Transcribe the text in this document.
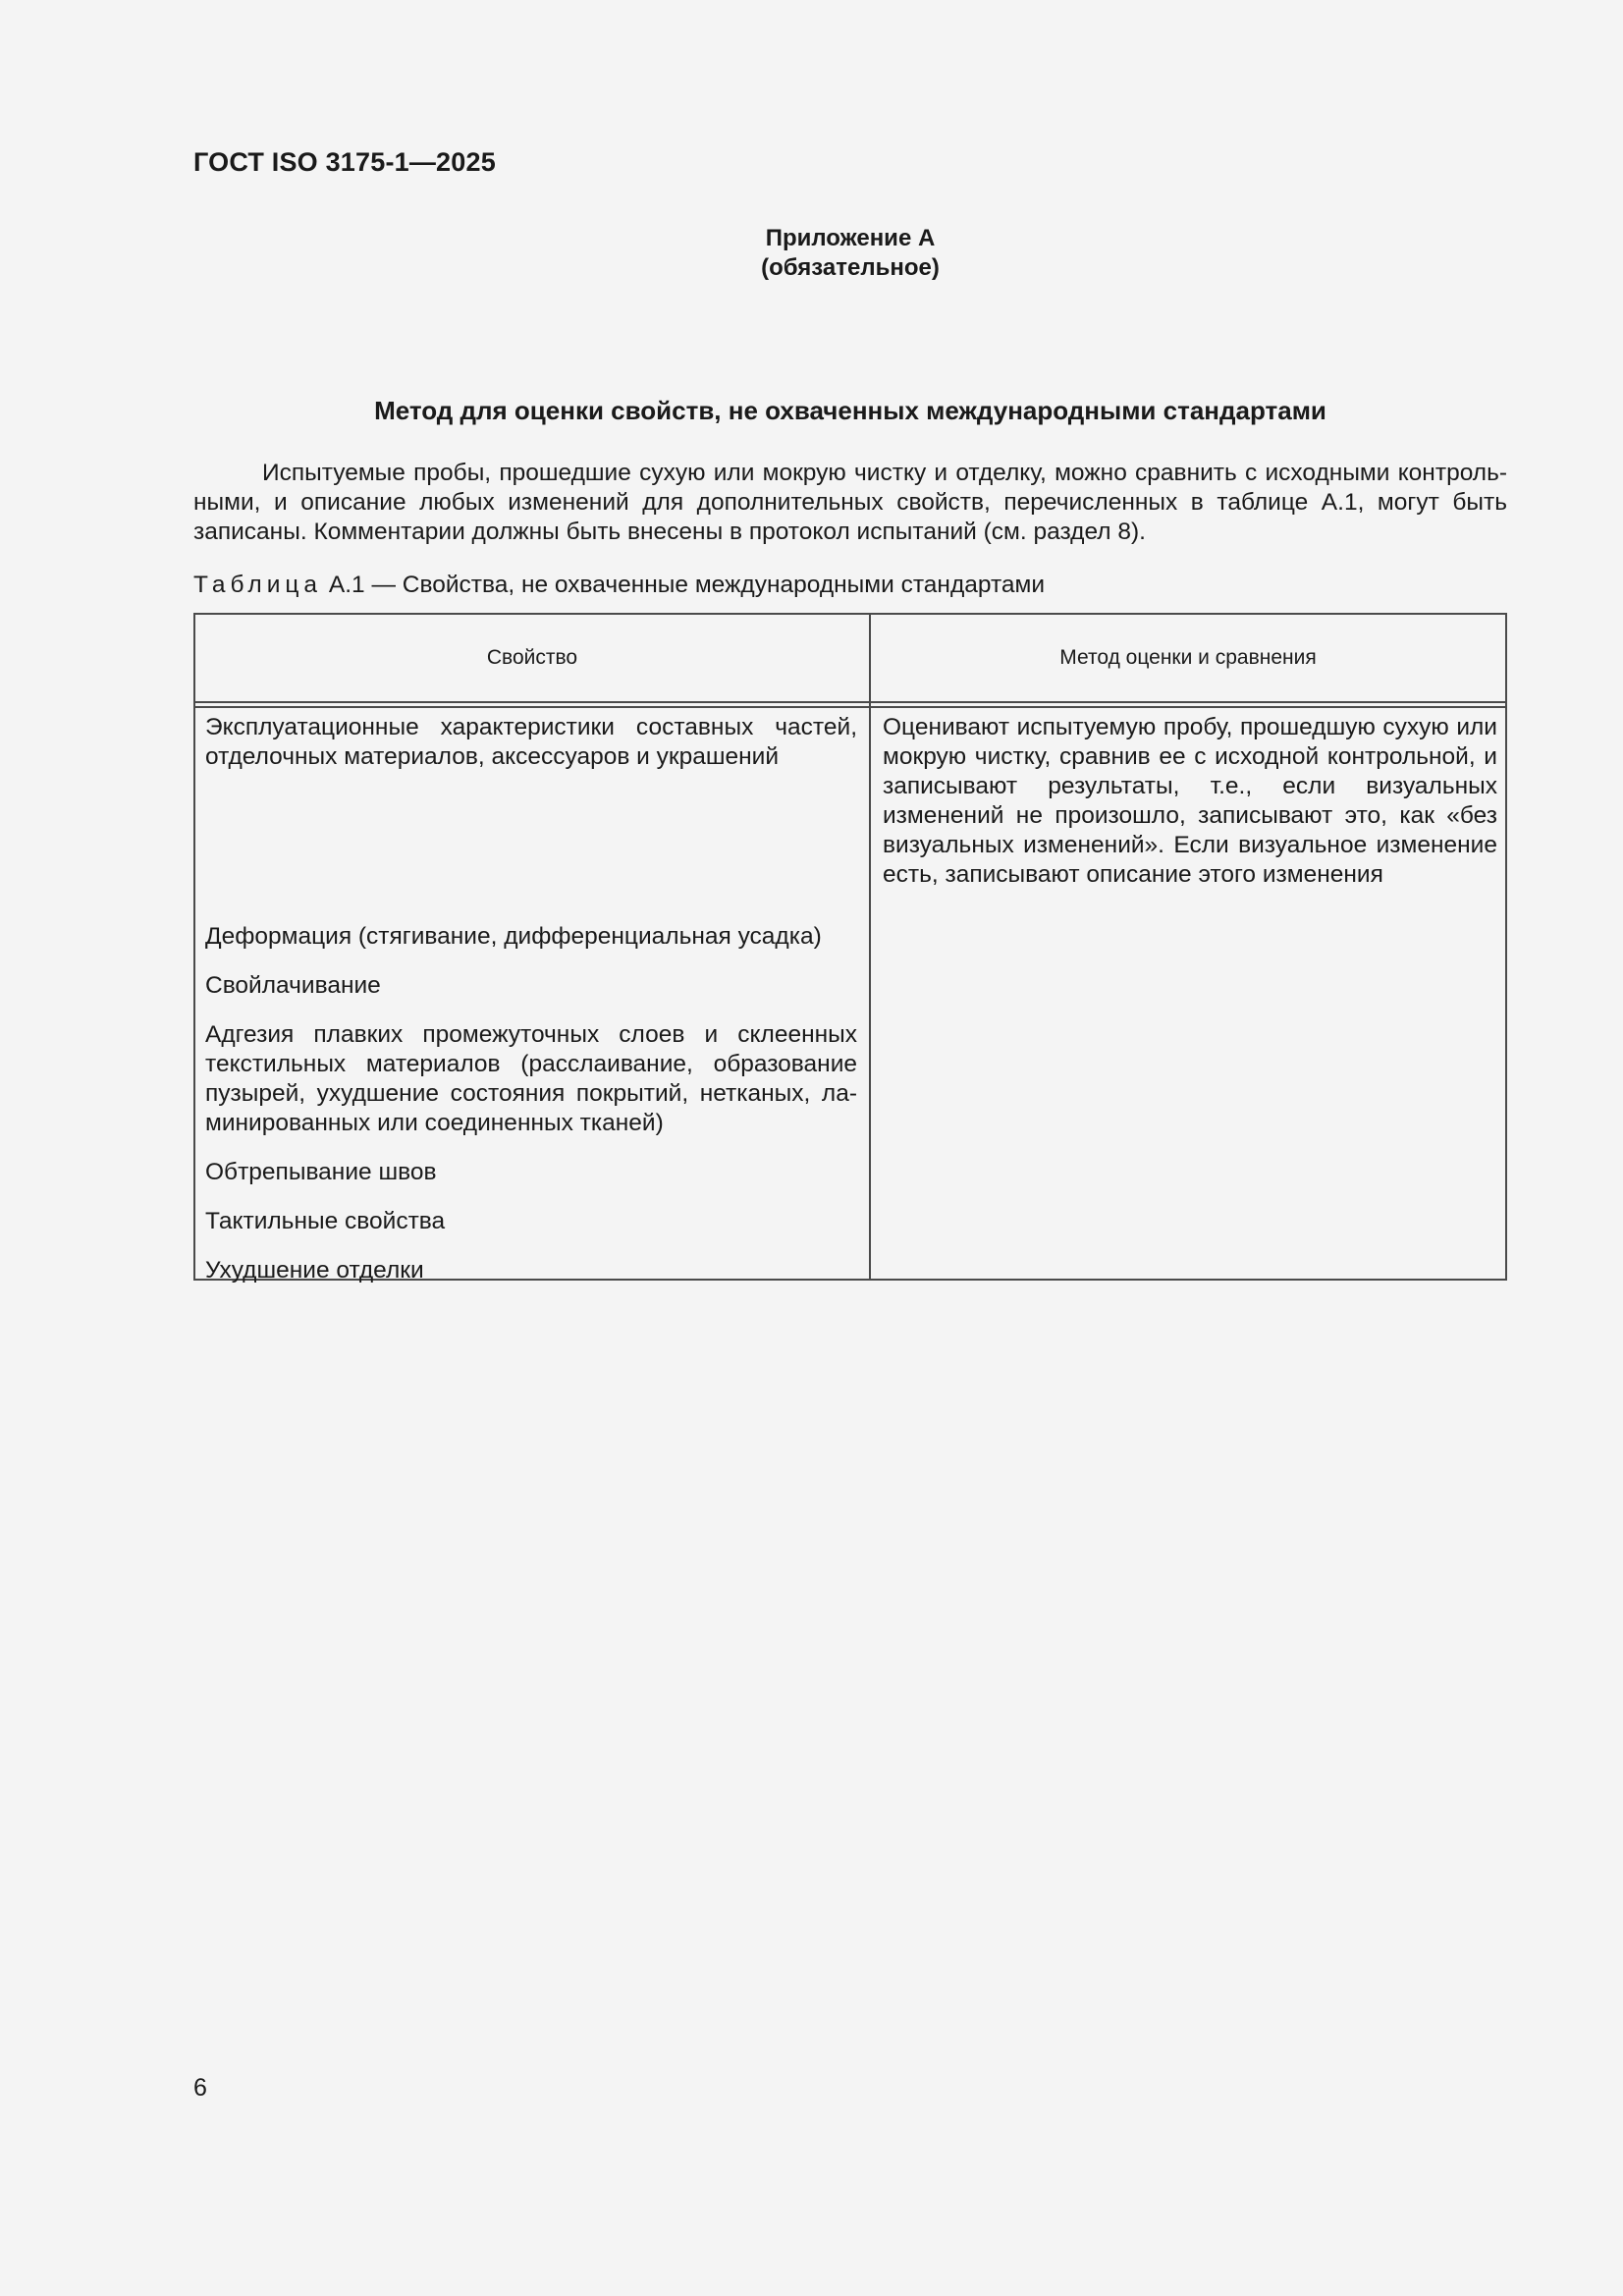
ГОСТ ISO 3175-1—2025
Приложение А
(обязательное)
Метод для оценки свойств, не охваченных международными стандартами

Испытуемые пробы, прошедшие сухую или мокрую чистку и отделку, можно сравнить с исходными контроль-ными, и описание любых изменений для дополнительных свойств, перечисленных в таблице А.1, могут быть записаны. Комментарии должны быть внесены в протокол испытаний (см. раздел 8).

Таблица А.1 — Свойства, не охваченные международными стандартами
Свойство	Метод оценки и сравнения

Эксплуатационные характеристики составных частей, отделочных материалов, аксессуаров и украшений

Деформация (стягивание, дифференциальная усадка)

Свойлачивание

Адгезия плавких промежуточных слоев и склеенных текстильных материалов (расслаивание, образование пузырей, ухудшение состояния покрытий, нетканых, ла-минированных или соединенных тканей)

Обтрепывание швов

Тактильные свойства

Ухудшение отделки

Оценивают испытуемую пробу, прошедшую сухую или мокрую чистку, сравнив ее с исходной контрольной, и записывают результаты, т.е., если визуальных изменений не произошло, записывают это, как «без визуальных изменений». Если визуальное изменение есть, записывают описание этого изменения

6
